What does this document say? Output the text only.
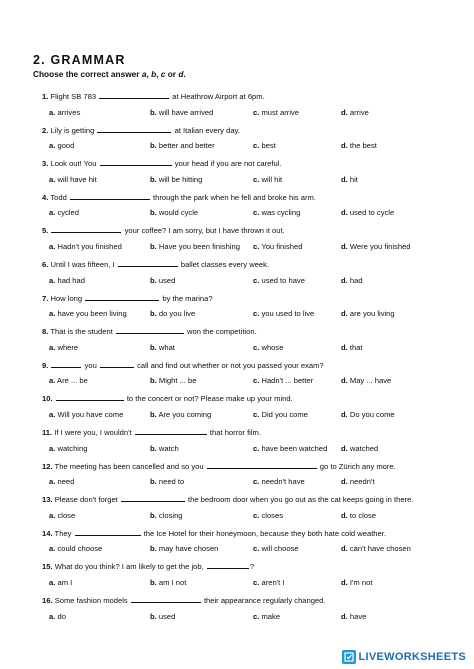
2. GRAMMAR
Choose the correct answer a, b, c or d.
1. Flight SB 783	at Heathrow Airport at 6pm.
a. arrives	b. will have arrived	c. must arrive	d. arrive
2. Lily is getting	at Italian every day.
a. good	b. better and better	c. best	d. the best
3. Look out! You	your head if you are not careful.
a. will have hit	b. will be hitting	c. will hit	d. hit
4. Todd	through the park when he fell and broke his arm.
a. cycled	b. would cycle	c. was cycling	d. used to cycle
5.	your coffee? I am sorry, but I have thrown it out.
a. Hadn't you finished	b. Have you been finishing c. You finished	d. Were you finished
6. Until I was fifteen, I	ballet classes every week.
a. had had	b. used	c. used to have	d. had
7. How long	by the marina?
a. have you been living	b. do you live	c. you used to live	d. are you living
8. That is the student	won the competition.
a. where	b. what	c. whose	d. that
9.	you	call and find out whether or not you passed your exam?
a. Are ... be	b. Might ... be	c. Hadn't ... better	d. May ... have
10.	to the concert or not? Please make up your mind.
a. Will you have come	b. Are you coming	c. Did you come	d. Do you come
11. If I were you, I wouldn't	that horror film.
a. watching	b. watch	c. have been watched d. watched
12. The meeting has been cancelled and so you	go to Zürich any more.
a. need	b. need to	c. needn't have	d. needn't
13. Please don't forget	the bedroom door when you go out as the cat keeps going in there.
a. close	b. closing	c. closes	d. to close
14. They	the Ice Hotel for their honeymoon, because they both hate cold weather.
a. could choose	b. may have chosen	c. will choose	d. can't have chosen
15. What do you think? I am likely to get the job,	?
a. am I	b. am I not	c. aren't I	d. I'm not
16. Some fashion models	their appearance regularly changed.
a. do	b. used	c. make	d. have
LIVEWORKSHEETS
